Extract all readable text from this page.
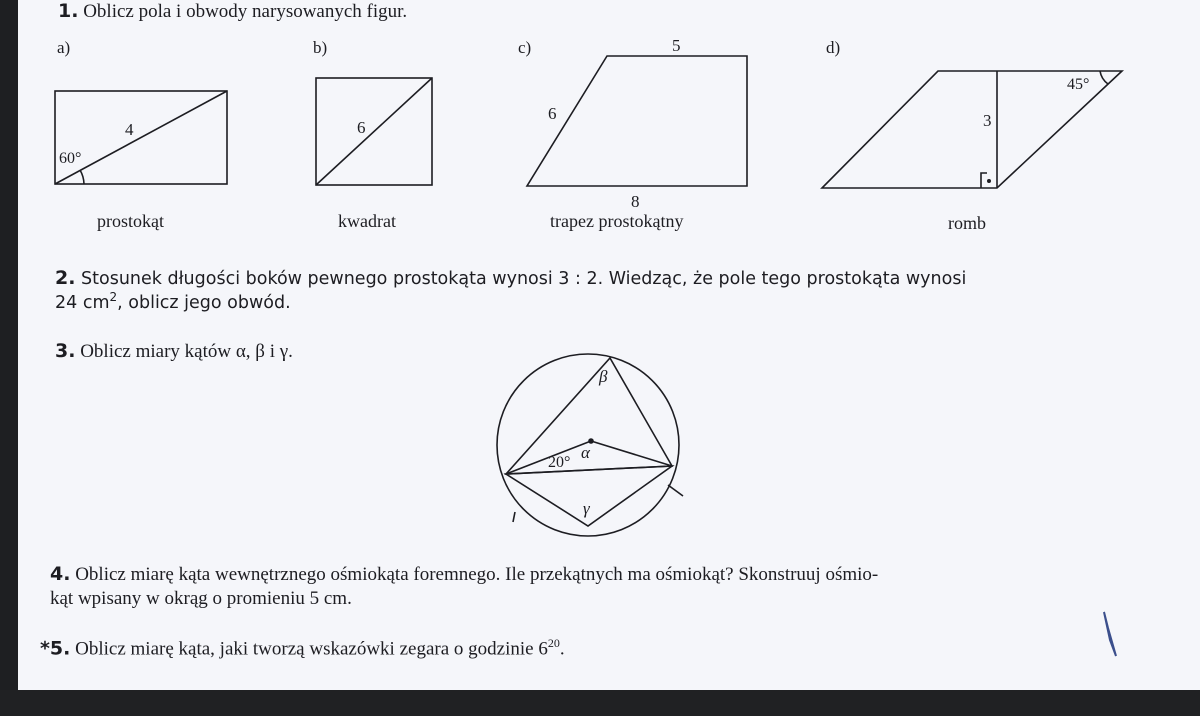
1. Oblicz pola i obwody narysowanych figur.
a)	b)	c)	d)
4
60°
prostokąt
6
kwadrat
5
6
8
trapez prostokątny
3
45°
romb
2. Stosunek długości boków pewnego prostokąta wynosi 3 : 2. Wiedząc, że pole tego prostokąta wynosi
24 $cm^2$, oblicz jego obwód.
3. Oblicz miary kątów α, β i γ.
β
α
γ
20°
4. Oblicz miarę kąta wewnętrznego ośmiokąta foremnego. Ile przekątnych ma ośmiokąt? Skonstruuj ośmio-
kąt wpisany w okrąg o promieniu 5 cm.
*5. Oblicz miarę kąta, jaki tworzą wskazówki zegara o godzinie $6^{20}$.
